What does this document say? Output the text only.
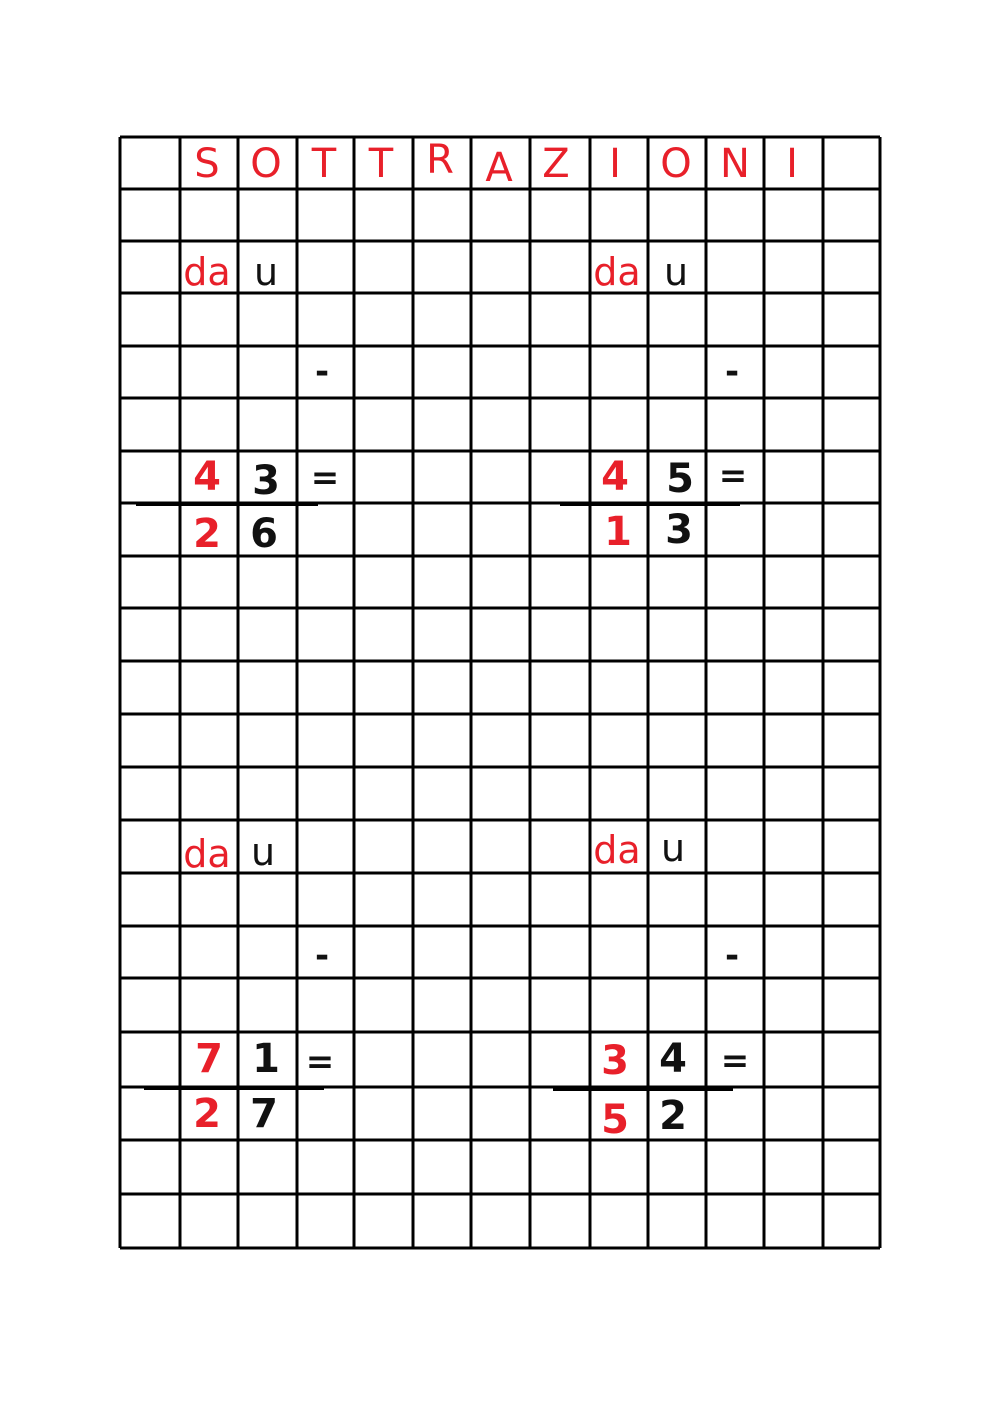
S O T T R A Z I O N I
da u
-
4 3 =
2 6
da u
-
4 5 =
1 3
da u
-
7 1 =
2 7
da u
-
3 4 =
5 2
